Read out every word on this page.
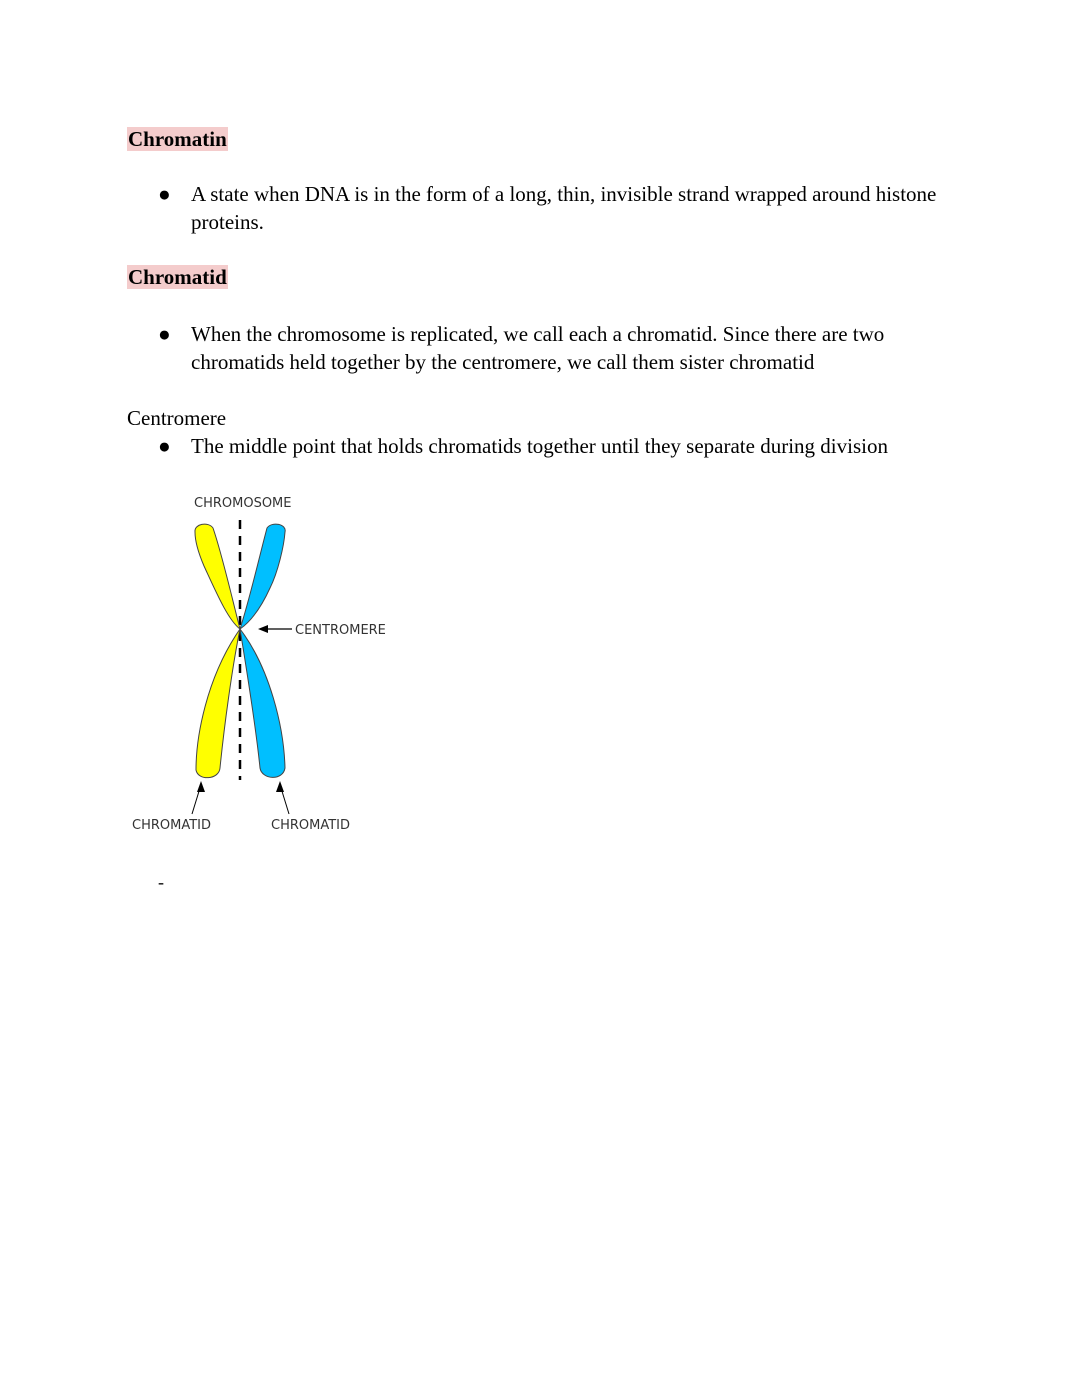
Chromatin
● A state when DNA is in the form of a long, thin, invisible strand wrapped around histone proteins.
Chromatid
● When the chromosome is replicated, we call each a chromatid. Since there are two chromatids held together by the centromere, we call them sister chromatid
Centromere
● The middle point that holds chromatids together until they separate during division
CHROMOSOME
CENTROMERE
CHROMATID	CHROMATID
-
